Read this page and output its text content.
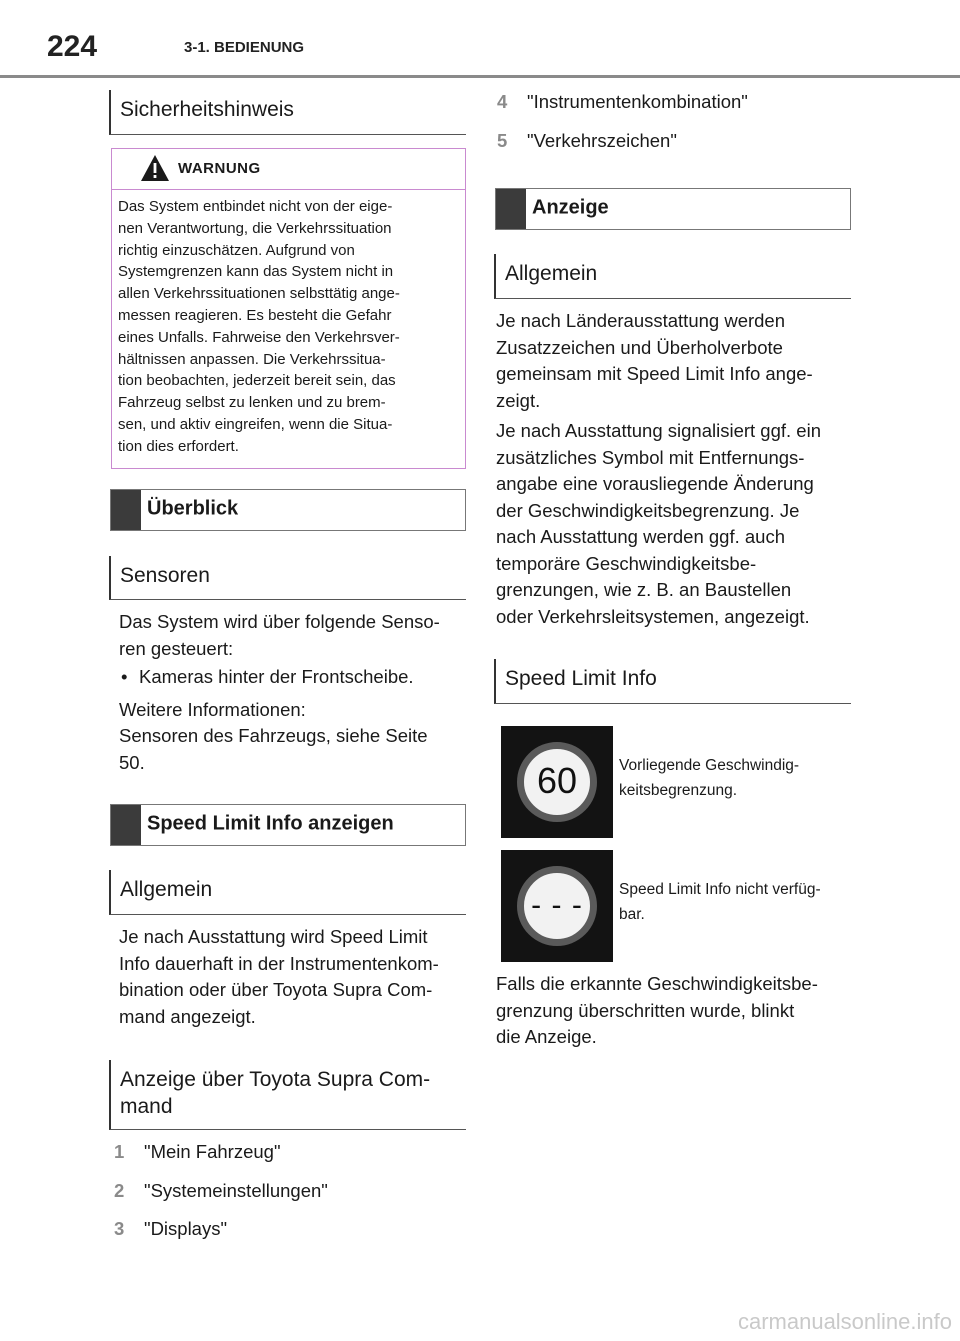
224	3-1. BEDIENUNG
Sicherheitshinweis
WARNUNG
Das System entbindet nicht von der eige-
nen Verantwortung, die Verkehrssituation
richtig einzuschätzen. Aufgrund von
Systemgrenzen kann das System nicht in
allen Verkehrssituationen selbsttätig ange-
messen reagieren. Es besteht die Gefahr
eines Unfalls. Fahrweise den Verkehrsver-
hältnissen anpassen. Die Verkehrssitua-
tion beobachten, jederzeit bereit sein, das
Fahrzeug selbst zu lenken und zu brem-
sen, und aktiv eingreifen, wenn die Situa-
tion dies erfordert.
Überblick
Sensoren
Das System wird über folgende Senso-
ren gesteuert:
• Kameras hinter der Frontscheibe.
Weitere Informationen:
Sensoren des Fahrzeugs, siehe Seite
50.
Speed Limit Info anzeigen
Allgemein
Je nach Ausstattung wird Speed Limit
Info dauerhaft in der Instrumentenkom-
bination oder über Toyota Supra Com-
mand angezeigt.
Anzeige über Toyota Supra Com-
mand
1 "Mein Fahrzeug"
2 "Systemeinstellungen"
3 "Displays"
4 "Instrumentenkombination"
5 "Verkehrszeichen"
Anzeige
Allgemein
Je nach Länderausstattung werden
Zusatzzeichen und Überholverbote
gemeinsam mit Speed Limit Info ange-
zeigt.
Je nach Ausstattung signalisiert ggf. ein
zusätzliches Symbol mit Entfernungs-
angabe eine vorausliegende Änderung
der Geschwindigkeitsbegrenzung. Je
nach Ausstattung werden ggf. auch
temporäre Geschwindigkeitsbe-
grenzungen, wie z. B. an Baustellen
oder Verkehrsleitsystemen, angezeigt.
Speed Limit Info
60	Vorliegende Geschwindig-
keitsbegrenzung.
- - -	Speed Limit Info nicht verfüg-
bar.
Falls die erkannte Geschwindigkeitsbe-
grenzung überschritten wurde, blinkt
die Anzeige.
carmanualsonline.info
